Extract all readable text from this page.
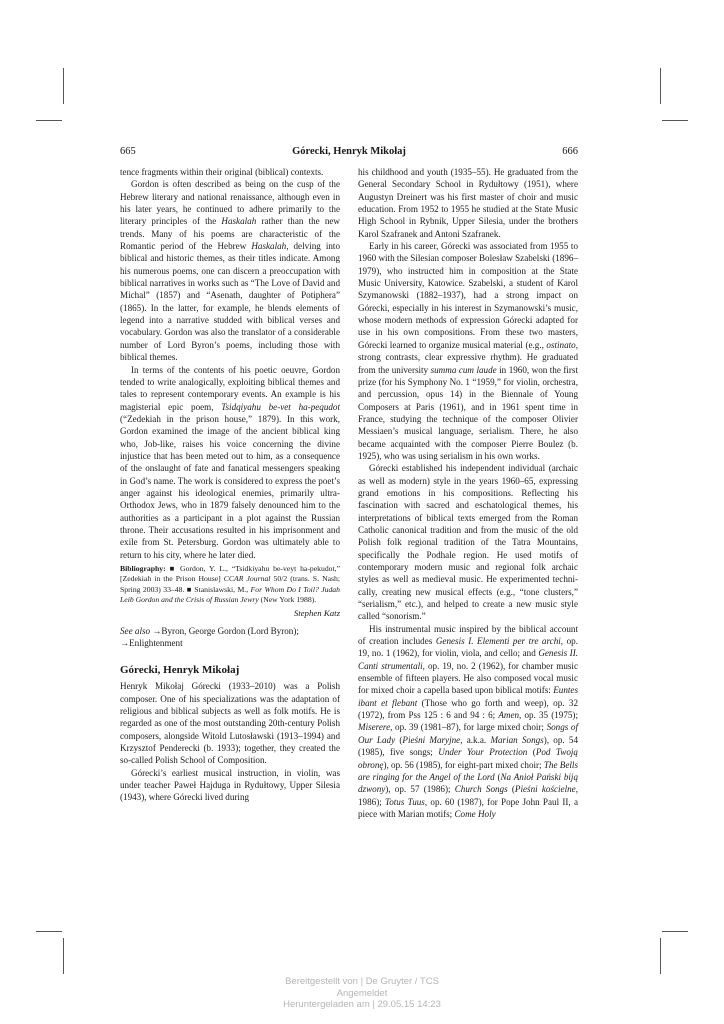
665	Górecki, Henryk Mikołaj	666

tence fragments within their original (biblical) contexts.

Gordon is often described as being on the cusp of the Hebrew literary and national renaissance, although even in his later years, he continued to adhere primarily to the literary principles of the Haskalah rather than the new trends. Many of his poems are characteristic of the Romantic period of the Hebrew Haskalah, delving into biblical and historic themes, as their titles indicate. Among his numerous poems, one can discern a preoccupation with biblical narratives in works such as “The Love of David and Michal” (1857) and “Asenath, daughter of Potiphera” (1865). In the latter, for example, he blends elements of legend into a narrative studded with biblical verses and vocabulary. Gordon was also the translator of a considerable number of Lord Byron’s poems, including those with biblical themes.

In terms of the contents of his poetic oeuvre, Gordon tended to write analogically, exploiting biblical themes and tales to represent contemporary events. An example is his magisterial epic poem, Tsidqiyahu be-vet ha-pequdot (“Zedekiah in the prison house,” 1879). In this work, Gordon examined the image of the ancient biblical king who, Job-like, raises his voice concerning the divine injustice that has been meted out to him, as a consequence of the onslaught of fate and fanatical messengers speaking in God’s name. The work is considered to express the poet’s anger against his ideological enemies, primarily ultra-Orthodox Jews, who in 1879 falsely denounced him to the authorities as a participant in a plot against the Russian throne. Their accusations resulted in his imprisonment and exile from St. Petersburg. Gordon was ultimately able to return to his city, where he later died.

Bibliography: ■ Gordon, Y. L., “Tsidkiyahu be-veyt ha-pekudot,” [Zedekiah in the Prison House] CCAR Journal 50/2 (trans. S. Nash; Spring 2003) 33–48. ■ Stanislawski, M., For Whom Do I Toil? Judah Leib Gordon and the Crisis of Russian Jewry (New York 1988).

Stephen Katz

See also →Byron, George Gordon (Lord Byron); →Enlightenment

Górecki, Henryk Mikołaj

Henryk Mikołaj Górecki (1933–2010) was a Polish composer. One of his specializations was the adaptation of religious and biblical subjects as well as folk motifs. He is regarded as one of the most outstanding 20th-century Polish composers, alongside Witold Lutosławski (1913–1994) and Krzysztof Penderecki (b. 1933); together, they created the so-called Polish School of Composition.

Górecki’s earliest musical instruction, in violin, was under teacher Paweł Hajduga in Rydułtowy, Upper Silesia (1943), where Górecki lived during

his childhood and youth (1935–55). He graduated from the General Secondary School in Rydułtowy (1951), where Augustyn Dreinert was his first master of choir and music education. From 1952 to 1955 he studied at the State Music High School in Rybnik, Upper Silesia, under the brothers Karol Szafranek and Antoni Szafranek.

Early in his career, Górecki was associated from 1955 to 1960 with the Silesian composer Bolesław Szabelski (1896–1979), who instructed him in composition at the State Music University, Katowice. Szabelski, a student of Karol Szymanowski (1882–1937), had a strong impact on Górecki, especially in his interest in Szymanowski’s music, whose modern methods of expression Górecki adapted for use in his own compositions. From these two masters, Górecki learned to organize musical material (e.g., ostinato, strong contrasts, clear expressive rhythm). He graduated from the university summa cum laude in 1960, won the first prize (for his Symphony No. 1 “1959,” for violin, orchestra, and percussion, opus 14) in the Biennale of Young Composers at Paris (1961), and in 1961 spent time in France, studying the technique of the composer Olivier Messiaen’s musical language, serialism. There, he also became acquainted with the composer Pierre Boulez (b. 1925), who was using serialism in his own works.

Górecki established his independent individual (archaic as well as modern) style in the years 1960–65, expressing grand emotions in his compositions. Reflecting his fascination with sacred and eschatological themes, his interpretations of biblical texts emerged from the Roman Catholic canonical tradition and from the music of the old Polish folk regional tradition of the Tatra Mountains, specifically the Podhale region. He used motifs of contemporary modern music and regional folk archaic styles as well as medieval music. He experimented technically, creating new musical effects (e.g., “tone clusters,” “serialism,” etc.), and helped to create a new music style called “sonorism.”

His instrumental music inspired by the biblical account of creation includes Genesis I. Elementi per tre archi, op. 19, no. 1 (1962), for violin, viola, and cello; and Genesis II. Canti strumentali, op. 19, no. 2 (1962), for chamber music ensemble of fifteen players. He also composed vocal music for mixed choir a capella based upon biblical motifs: Euntes ibant et flebant (Those who go forth and weep), op. 32 (1972), from Pss 125 : 6 and 94 : 6; Amen, op. 35 (1975); Miserere, op. 39 (1981–87), for large mixed choir; Songs of Our Lady (Pieśni Maryjne, a.k.a. Marian Songs), op. 54 (1985), five songs; Under Your Protection (Pod Twoją obronę), op. 56 (1985), for eight-part mixed choir; The Bells are ringing for the Angel of the Lord (Na Anioł Pański biją dzwony), op. 57 (1986); Church Songs (Pieśni kościelne, 1986); Totus Tuus, op. 60 (1987), for Pope John Paul II, a piece with Marian motifs; Come Holy

Bereitgestellt von | De Gruyter / TCS
Angemeldet
Heruntergeladen am | 29.05.15 14:23
